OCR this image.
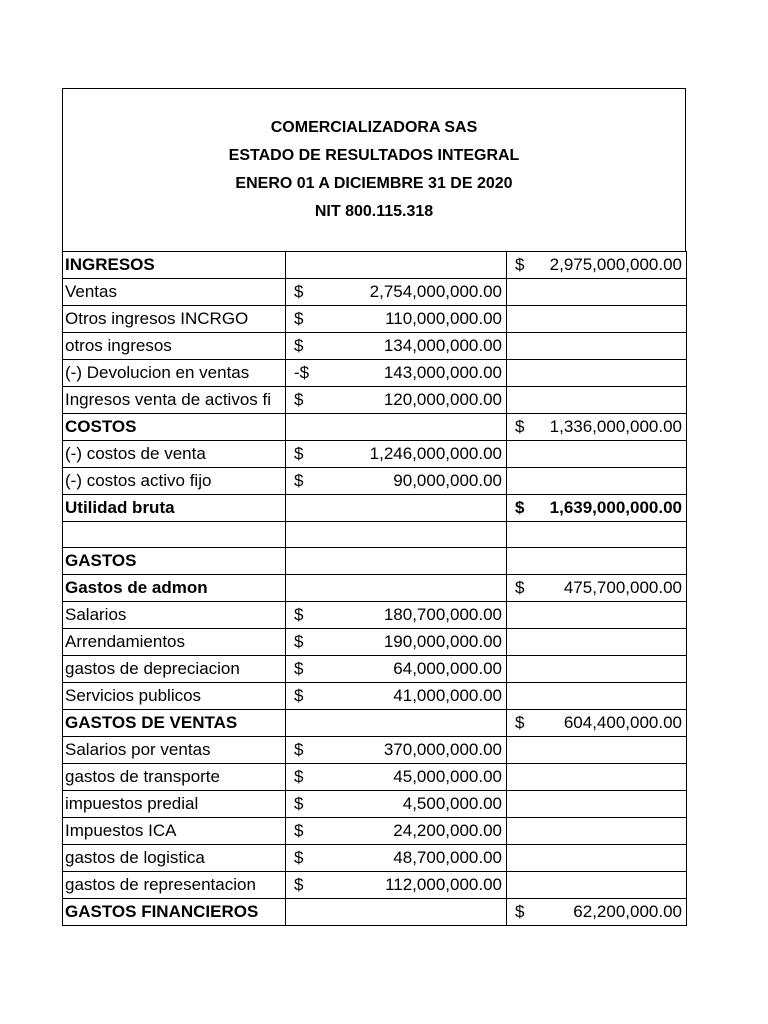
COMERCIALIZADORA SAS
ESTADO DE RESULTADOS INTEGRAL
ENERO 01 A DICIEMBRE 31 DE 2020
NIT 800.115.318
INGRESOS		$ 2,975,000,000.00

Ventas	$ 2,754,000,000.00	

Otros ingresos INCRGO	$ 110,000,000.00	

otros ingresos	$ 134,000,000.00	

(-) Devolucion en ventas	-$ 143,000,000.00	

Ingresos venta de activos fi	$ 120,000,000.00	

COSTOS		$ 1,336,000,000.00

(-) costos de venta	$ 1,246,000,000.00	

(-) costos activo fijo	$ 90,000,000.00	

Utilidad bruta		$ 1,639,000,000.00

GASTOS		
Gastos de admon		$ 475,700,000.00

Salarios	$ 180,700,000.00	

Arrendamientos	$ 190,000,000.00	

gastos de depreciacion	$ 64,000,000.00	

Servicios publicos	$ 41,000,000.00	

GASTOS DE VENTAS		$ 604,400,000.00

Salarios por ventas	$ 370,000,000.00	

gastos de transporte	$ 45,000,000.00	

impuestos predial	$ 4,500,000.00	

Impuestos ICA	$ 24,200,000.00	

gastos de logistica	$ 48,700,000.00	

gastos de representacion	$ 112,000,000.00	

GASTOS FINANCIEROS		$ 62,200,000.00
